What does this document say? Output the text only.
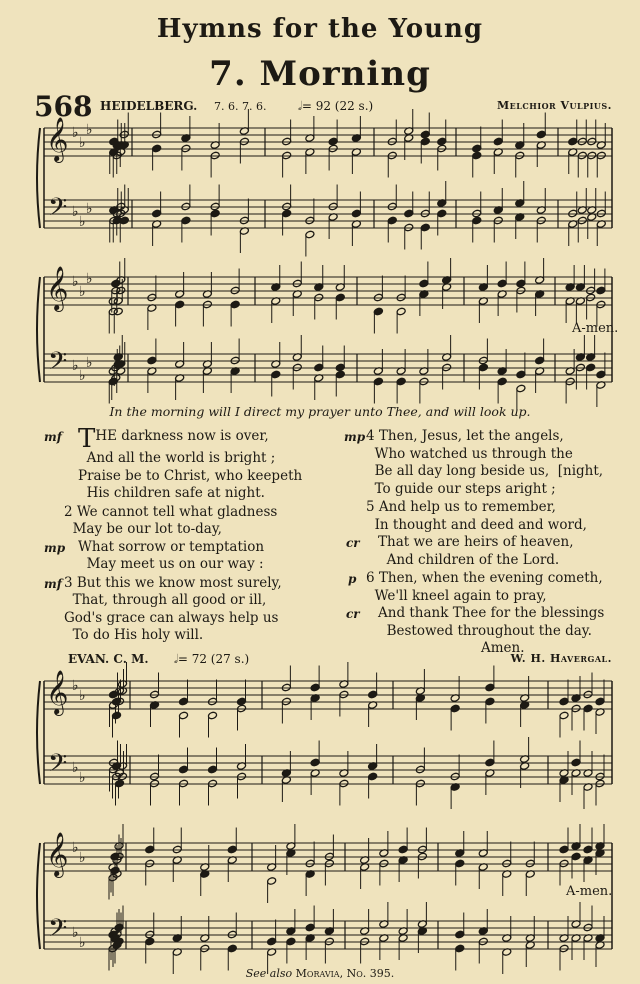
Hymns for the Young
7. Morning
568 HEIDELBERG. 7. 6. 7. 6.	𝅗𝅥= 92 (22 s.)	Melchior Vulpius.
𝄞
𝄢
♭
♭
♭
♭
♭
♭
𝄞
𝄢
♭
♭
♭
♭
♭
♭
𝄞
𝄢
♭
♭
♭
♭
𝄞
𝄢
♭
♭
♭
♭
A-men.
In the morning will I direct my prayer unto Thee, and will look up.
mf THE darkness now is over,
And all the world is bright ;
Praise be to Christ, who keepeth
His children safe at night.
2 We cannot tell what gladness
May be our lot to-day,
mp What sorrow or temptation
May meet us on our way :
mf 3 But this we know most surely,
That, through all good or ill,
God's grace can always help us
To do His holy will.
mp 4 Then, Jesus, let the angels,
Who watched us through the
Be all day long beside us,  [night,
To guide our steps aright ;
5 And help us to remember,
In thought and deed and word,
cr That we are heirs of heaven,
And children of the Lord.
p 6 Then, when the evening cometh,
We'll kneel again to pray,
cr And thank Thee for the blessings
Bestowed throughout the day.
Amen.
EVAN. C. M. 𝅗𝅥= 72 (27 s.)	W. H. Havergal.
A-men.
See also Moravia, No. 395.
